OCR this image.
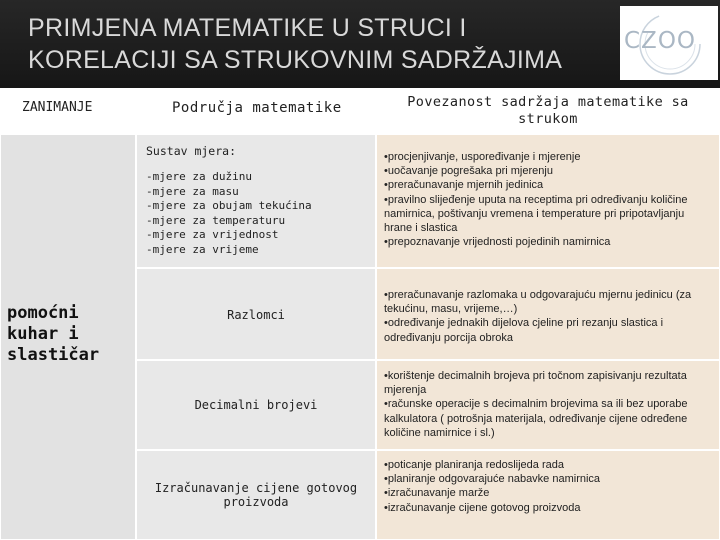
PRIMJENA MATEMATIKE U STRUCI I
KORELACIJI SA STRUKOVNIM SADRŽAJIMA
CZOO
ZANIMANJE	Područja matematike	Povezanost sadržaja matematike sa strukom
pomoćni
kuhar i
slastičar
Sustav mjera:
-mjere za dužinu
-mjere za masu
-mjere za obujam tekućina
-mjere za temperaturu
-mjere za vrijednost
-mjere za vrijeme
•procjenjivanje, uspoređivanje i mjerenje
•uočavanje pogrešaka pri mjerenju
•preračunavanje mjernih jedinica
•pravilno slijeđenje uputa na receptima pri određivanju količine namirnica, poštivanju vremena i temperature pri pripotavljanju hrane i slastica
•prepoznavanje vrijednosti pojedinih namirnica
Razlomci
•preračunavanje razlomaka u odgovarajuću mjernu jedinicu (za tekućinu, masu, vrijeme,…)
•određivanje jednakih dijelova cjeline pri rezanju slastica i određivanju porcija obroka
Decimalni brojevi
•korištenje decimalnih brojeva pri točnom zapisivanju rezultata mjerenja
•računske operacije s decimalnim brojevima sa ili bez uporabe kalkulatora ( potrošnja materijala, određivanje cijene određene količine namirnice i sl.)
Izračunavanje cijene gotovog proizvoda
•poticanje planiranja redoslijeda rada
•planiranje odgovarajuće nabavke namirnica
•izračunavanje marže
•izračunavanje cijene gotovog proizvoda
